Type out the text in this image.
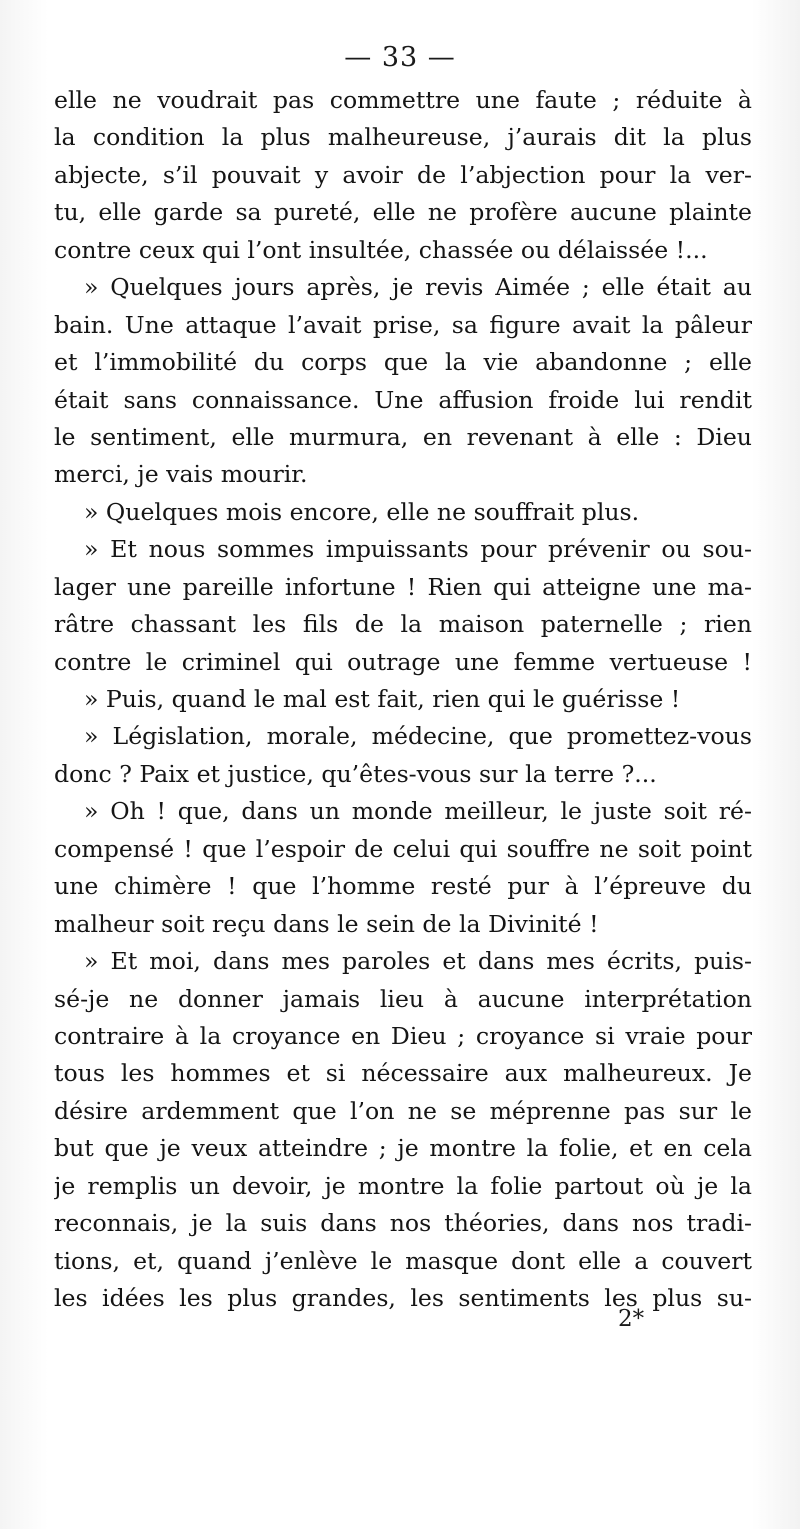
— 33 —
elle ne voudrait pas commettre une faute ; réduite à
la condition la plus malheureuse, j’aurais dit la plus
abjecte, s’il pouvait y avoir de l’abjection pour la ver-
tu, elle garde sa pureté, elle ne profère aucune plainte
contre ceux qui l’ont insultée, chassée ou délaissée !...
» Quelques jours après, je revis Aimée ; elle était au
bain. Une attaque l’avait prise, sa figure avait la pâleur
et l’immobilité du corps que la vie abandonne ; elle
était sans connaissance. Une affusion froide lui rendit
le sentiment, elle murmura, en revenant à elle : Dieu
merci, je vais mourir.
» Quelques mois encore, elle ne souffrait plus.
» Et nous sommes impuissants pour prévenir ou sou-
lager une pareille infortune ! Rien qui atteigne une ma-
râtre chassant les fils de la maison paternelle ; rien
contre le criminel qui outrage une femme vertueuse !
» Puis, quand le mal est fait, rien qui le guérisse !
» Législation, morale, médecine, que promettez-vous
donc ? Paix et justice, qu’êtes-vous sur la terre ?...
» Oh ! que, dans un monde meilleur, le juste soit ré-
compensé ! que l’espoir de celui qui souffre ne soit point
une chimère ! que l’homme resté pur à l’épreuve du
malheur soit reçu dans le sein de la Divinité !
» Et moi, dans mes paroles et dans mes écrits, puis-
sé-je ne donner jamais lieu à aucune interprétation
contraire à la croyance en Dieu ; croyance si vraie pour
tous les hommes et si nécessaire aux malheureux. Je
désire ardemment que l’on ne se méprenne pas sur le
but que je veux atteindre ; je montre la folie, et en cela
je remplis un devoir, je montre la folie partout où je la
reconnais, je la suis dans nos théories, dans nos tradi-
tions, et, quand j’enlève le masque dont elle a couvert
les idées les plus grandes, les sentiments les plus su-
2*
